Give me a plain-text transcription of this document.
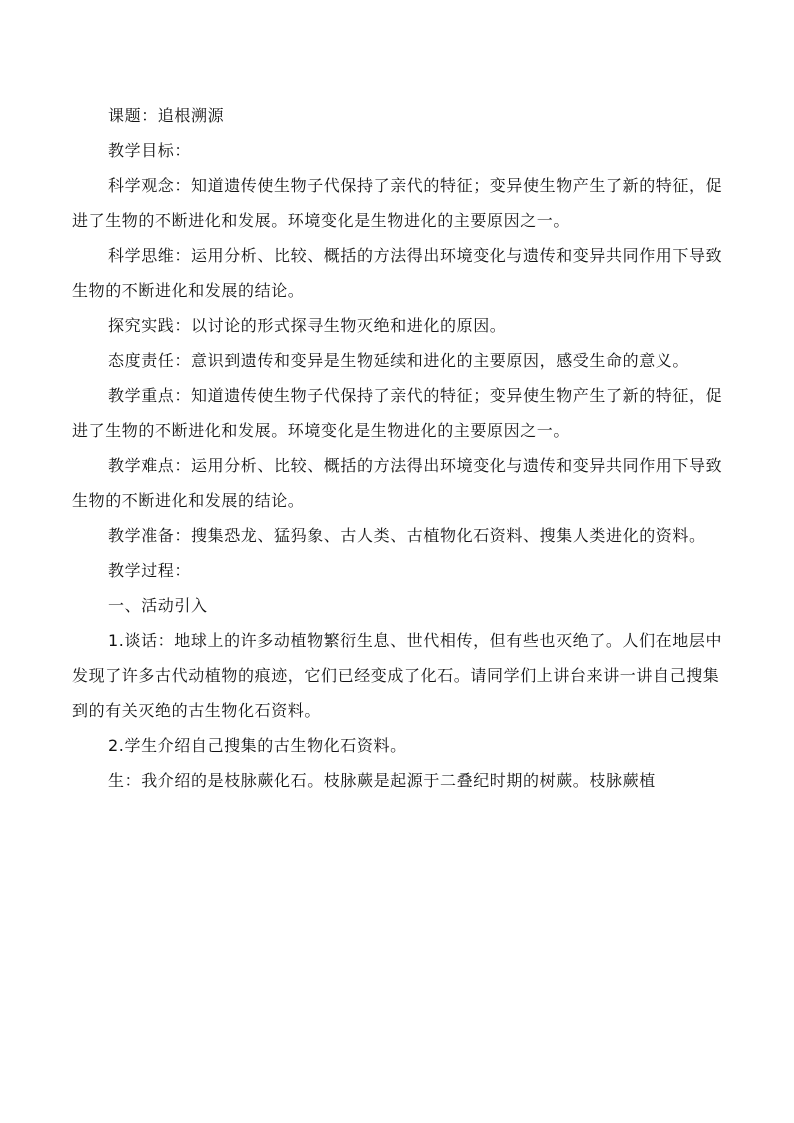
课题：追根溯源

教学目标：

科学观念：知道遗传使生物子代保持了亲代的特征；变异使生物产生了新的特征，促进了生物的不断进化和发展。环境变化是生物进化的主要原因之一。

科学思维：运用分析、比较、概括的方法得出环境变化与遗传和变异共同作用下导致生物的不断进化和发展的结论。

探究实践：以讨论的形式探寻生物灭绝和进化的原因。

态度责任：意识到遗传和变异是生物延续和进化的主要原因，感受生命的意义。

教学重点：知道遗传使生物子代保持了亲代的特征；变异使生物产生了新的特征，促进了生物的不断进化和发展。环境变化是生物进化的主要原因之一。

教学难点：运用分析、比较、概括的方法得出环境变化与遗传和变异共同作用下导致生物的不断进化和发展的结论。

教学准备：搜集恐龙、猛犸象、古人类、古植物化石资料、搜集人类进化的资料。

教学过程：

一、活动引入

1.谈话：地球上的许多动植物繁衍生息、世代相传，但有些也灭绝了。人们在地层中发现了许多古代动植物的痕迹，它们已经变成了化石。请同学们上讲台来讲一讲自己搜集到的有关灭绝的古生物化石资料。

2.学生介绍自己搜集的古生物化石资料。

生：我介绍的是枝脉蕨化石。枝脉蕨是起源于二叠纪时期的树蕨。枝脉蕨植
